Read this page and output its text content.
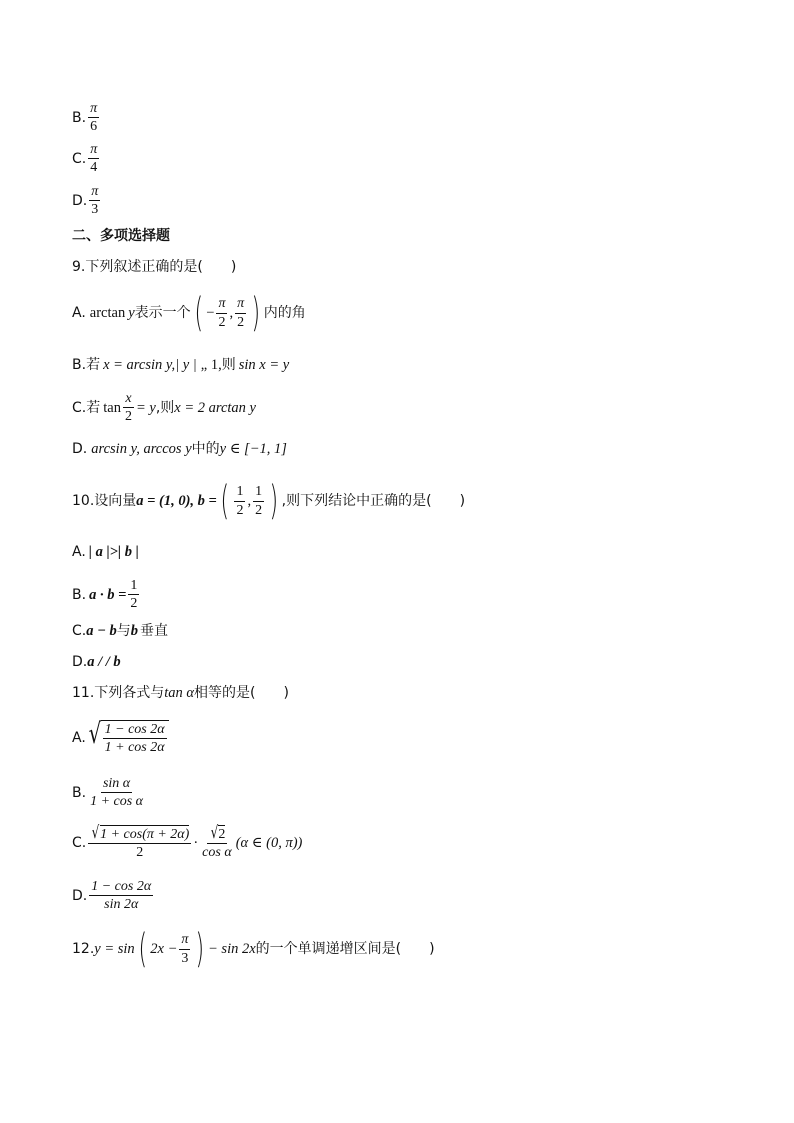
B. $\frac{\pi}{6}$
C. $\frac{\pi}{4}$
D. $\frac{\pi}{3}$
二、多项选择题
9.下列叙述正确的是(　　)
A. arctan y 表示一个 ( − $\frac{\pi}{2}$ , $\frac{\pi}{2}$ ) 内的角
B. 若 x = arcsin y,| y | „ 1, 则 sin x = y
C. 若 $\tan \frac{x}{2} = y$ ,则 x = 2 arctan y
D. arcsin y, arccos y 中的 y ∈ [−1, 1]
10.设向量 a = (1, 0), b = ( $\frac{1}{2}$ , $\frac{1}{2}$ ) ,则下列结论中正确的是(　　)
A. | a |>| b |
B. $a \cdot b = \frac{1}{2}$
C. a − b 与 b 垂直
D. a / / b
11.下列各式与 tan α 相等的是(　　)
A. √ $\frac{1 - \cos 2\alpha}{1 + \cos 2\alpha}$
B. $\frac{\text{sin α}}{\text{1 + cos α}}$
C. $\frac{√ 1 + \cos(\pi + 2\alpha)}{2} \cdot \frac{√ 2}{\text{cos α}} (\alpha$ ∈ (0, π))
D. $\frac{1 - \cos 2\alpha}{\sin 2\alpha}$
12. y = sin ( $2x - \frac{\pi}{3}$ ) − sin 2x 的一个单调递增区间是(　　)
